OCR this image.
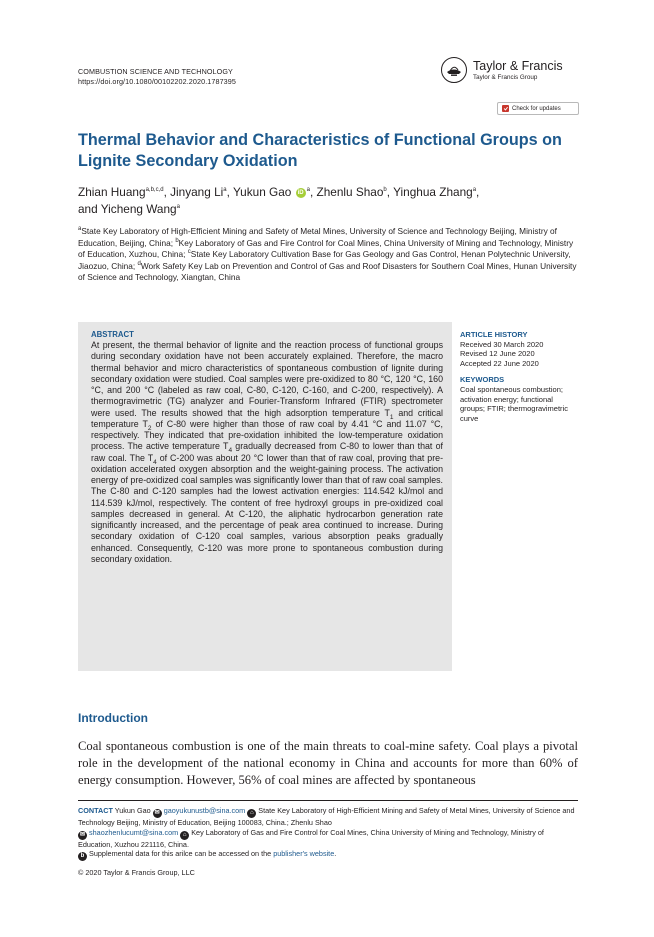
COMBUSTION SCIENCE AND TECHNOLOGY
https://doi.org/10.1080/00102202.2020.1787395
Taylor & Francis
Taylor & Francis Group
Check for updates
Thermal Behavior and Characteristics of Functional Groups on Lignite Secondary Oxidation
Zhian Huang$^{a,b,c,d}$, Jinyang Li$^a$, Yukun Gao iD $^a$, Zhenlu Shao$^b$, Yinghua Zhang$^a$,
and Yicheng Wang$^a$
$^a$State Key Laboratory of High-Efficient Mining and Safety of Metal Mines, University of Science and Technology Beijing, Ministry of Education, Beijing, China; $^b$Key Laboratory of Gas and Fire Control for Coal Mines, China University of Mining and Technology, Ministry of Education, Xuzhou, China; $^c$State Key Laboratory Cultivation Base for Gas Geology and Gas Control, Henan Polytechnic University, Jiaozuo, China; $^d$Work Safety Key Lab on Prevention and Control of Gas and Roof Disasters for Southern Coal Mines, Hunan University of Science and Technology, Xiangtan, China
ABSTRACT
At present, the thermal behavior of lignite and the reaction process of functional groups during secondary oxidation have not been accurately explained. Therefore, the macro thermal behavior and micro characteristics of spontaneous combustion of lignite during secondary oxidation were studied. Coal samples were pre-oxidized to 80 °C, 120 °C, 160 °C, and 200 °C (labeled as raw coal, C-80, C-120, C-160, and C-200, respectively). A thermogravimetric (TG) analyzer and Fourier-Transform Infrared (FTIR) spectrometer were used. The results showed that the high adsorption temperature $T_1$ and critical temperature $T_2$ of C-80 were higher than those of raw coal by 4.41 °C and 11.07 °C, respectively. They indicated that pre-oxidation inhibited the low-temperature oxidation process. The active temperature $T_4$ gradually decreased from C-80 to lower than that of raw coal. The $T_4$ of C-200 was about 20 °C lower than that of raw coal, proving that pre-oxidation accelerated oxygen absorption and the weight-gaining process. The activation energy of pre-oxidized coal samples was significantly lower than that of raw coal samples. The C-80 and C-120 samples had the lowest activation energies: 114.542 kJ/mol and 114.539 kJ/mol, respectively. The content of free hydroxyl groups in pre-oxidized coal samples decreased in general. At C-120, the aliphatic hydrocarbon generation rate significantly increased, and the percentage of peak area continued to increase. During secondary oxidation of C-120 coal samples, various absorption peaks gradually enhanced. Consequently, C-120 was more prone to spontaneous combustion during secondary oxidation.
ARTICLE HISTORY
Received 30 March 2020
Revised 12 June 2020
Accepted 22 June 2020
KEYWORDS
Coal spontaneous combustion; activation energy; functional groups; FTIR; thermogravimetric curve
Introduction
Coal spontaneous combustion is one of the main threats to coal-mine safety. Coal plays a pivotal role in the development of the national economy in China and accounts for more than 60% of energy consumption. However, 56% of coal mines are affected by spontaneous
CONTACT Yukun Gao ✉ gaoyukunustb@sina.com ⌂ State Key Laboratory of High-Efficient Mining and Safety of Metal Mines, University of Science and Technology Beijing, Ministry of Education, Beijing 100083, China.; Zhenlu Shao
✉ shaozhenlucumt@sina.com ⌂ Key Laboratory of Gas and Fire Control for Coal Mines, China University of Mining and Technology, Ministry of Education, Xuzhou 221116, China.
b Supplemental data for this arilce can be accessed on the publisher's website.
© 2020 Taylor & Francis Group, LLC
